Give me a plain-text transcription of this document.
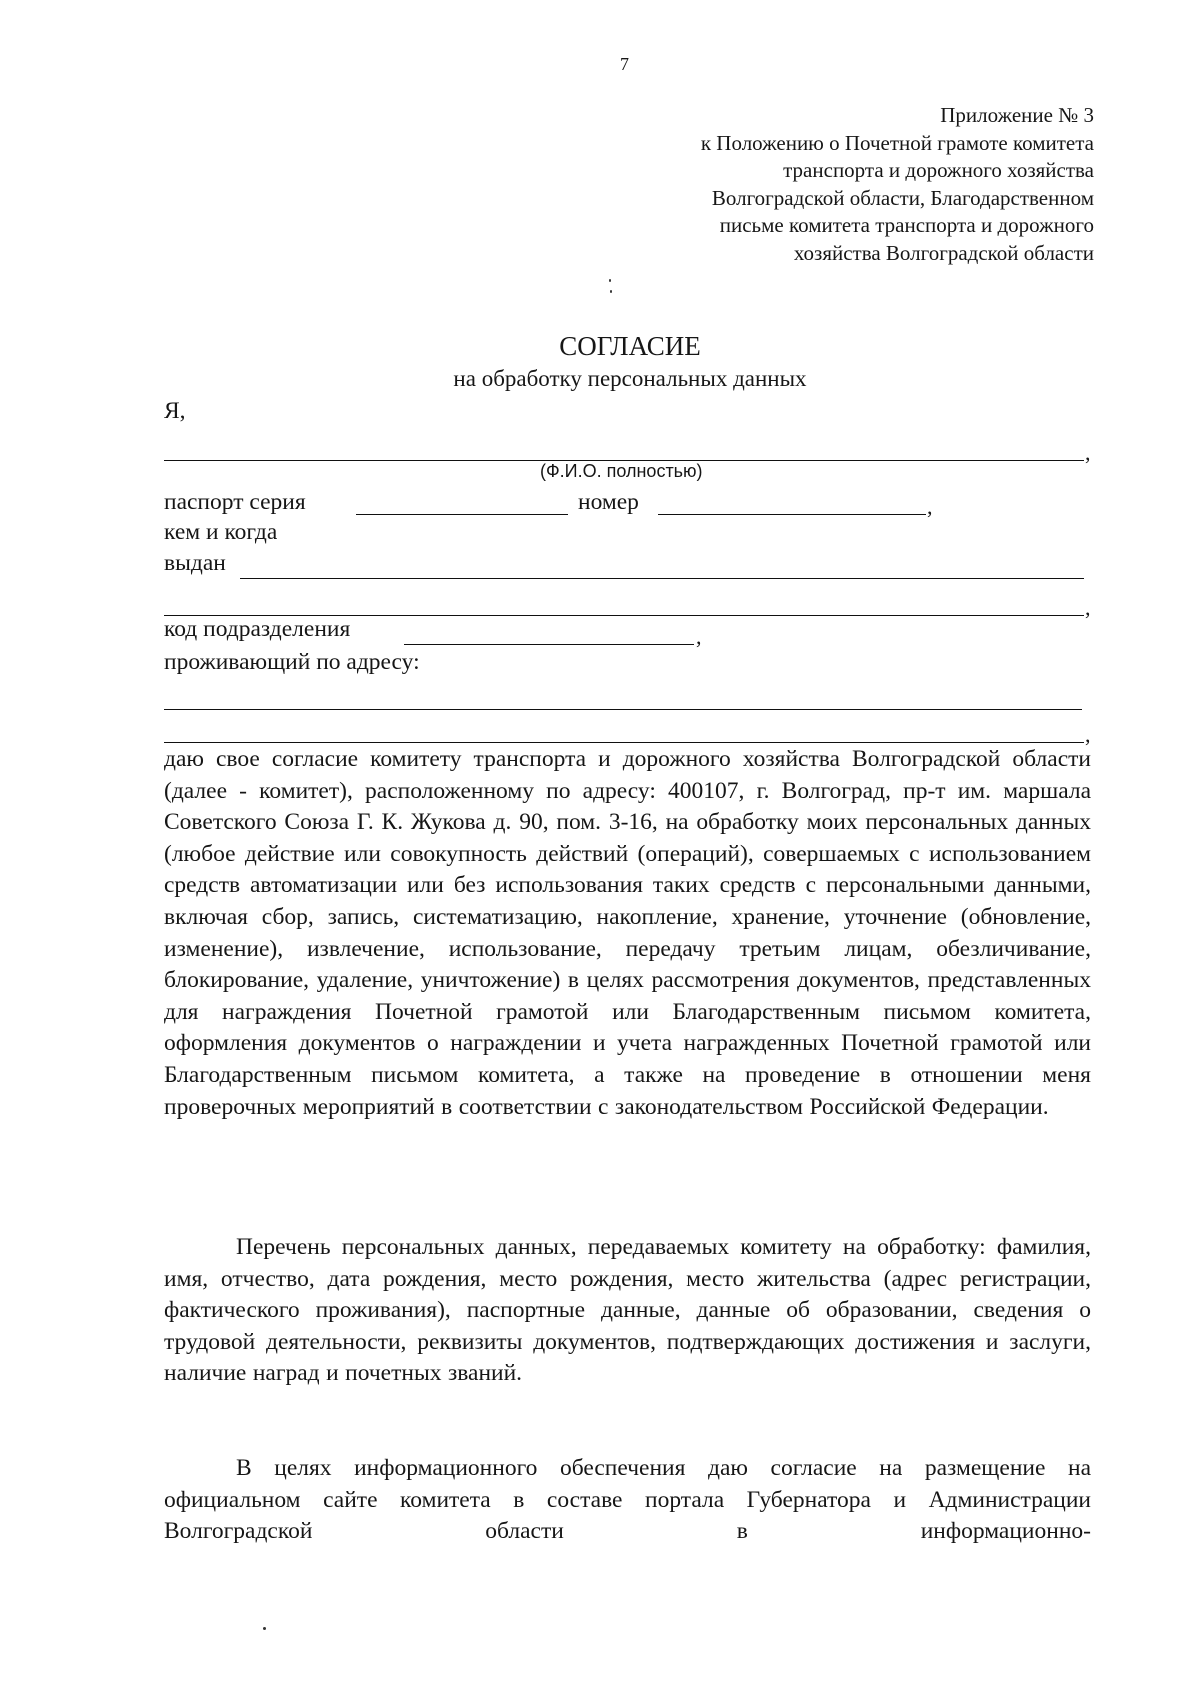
7
Приложение № 3
к Положению о Почетной грамоте комитета
транспорта и дорожного хозяйства
Волгоградской области, Благодарственном
письме комитета транспорта и дорожного
хозяйства Волгоградской области
СОГЛАСИЕ
на обработку персональных данных
Я,
,
(Ф.И.О. полностью)
паспорт серия	номер	,
кем и когда
выдан
,
код подразделения	,
проживающий по адресу:
,
даю свое согласие комитету транспорта и дорожного хозяйства Волгоградской области (далее - комитет), расположенному по адресу: 400107, г. Волгоград, пр-т им. маршала Советского Союза Г. К. Жукова д. 90, пом. 3-16, на обработку моих персональных данных (любое действие или совокупность действий (операций), совершаемых с использованием средств автоматизации или без использования таких средств с персональными данными, включая сбор, запись, систематизацию, накопление, хранение, уточнение (обновление, изменение), извлечение, использование, передачу третьим лицам, обезличивание, блокирование, удаление, уничтожение) в целях рассмотрения документов, представленных для награждения Почетной грамотой или Благодарственным письмом комитета, оформления документов о награждении и учета награжденных Почетной грамотой или Благодарственным письмом комитета, а также на проведение в отношении меня проверочных мероприятий в соответствии с законодательством Российской Федерации.
Перечень персональных данных, передаваемых комитету на обработку: фамилия, имя, отчество, дата рождения, место рождения, место жительства (адрес регистрации, фактического проживания), паспортные данные, данные об образовании, сведения о трудовой деятельности, реквизиты документов, подтверждающих достижения и заслуги, наличие наград и почетных званий.
В целях информационного обеспечения даю согласие на размещение на официальном сайте комитета в составе портала Губернатора и Администрации Волгоградской области в информационно-
